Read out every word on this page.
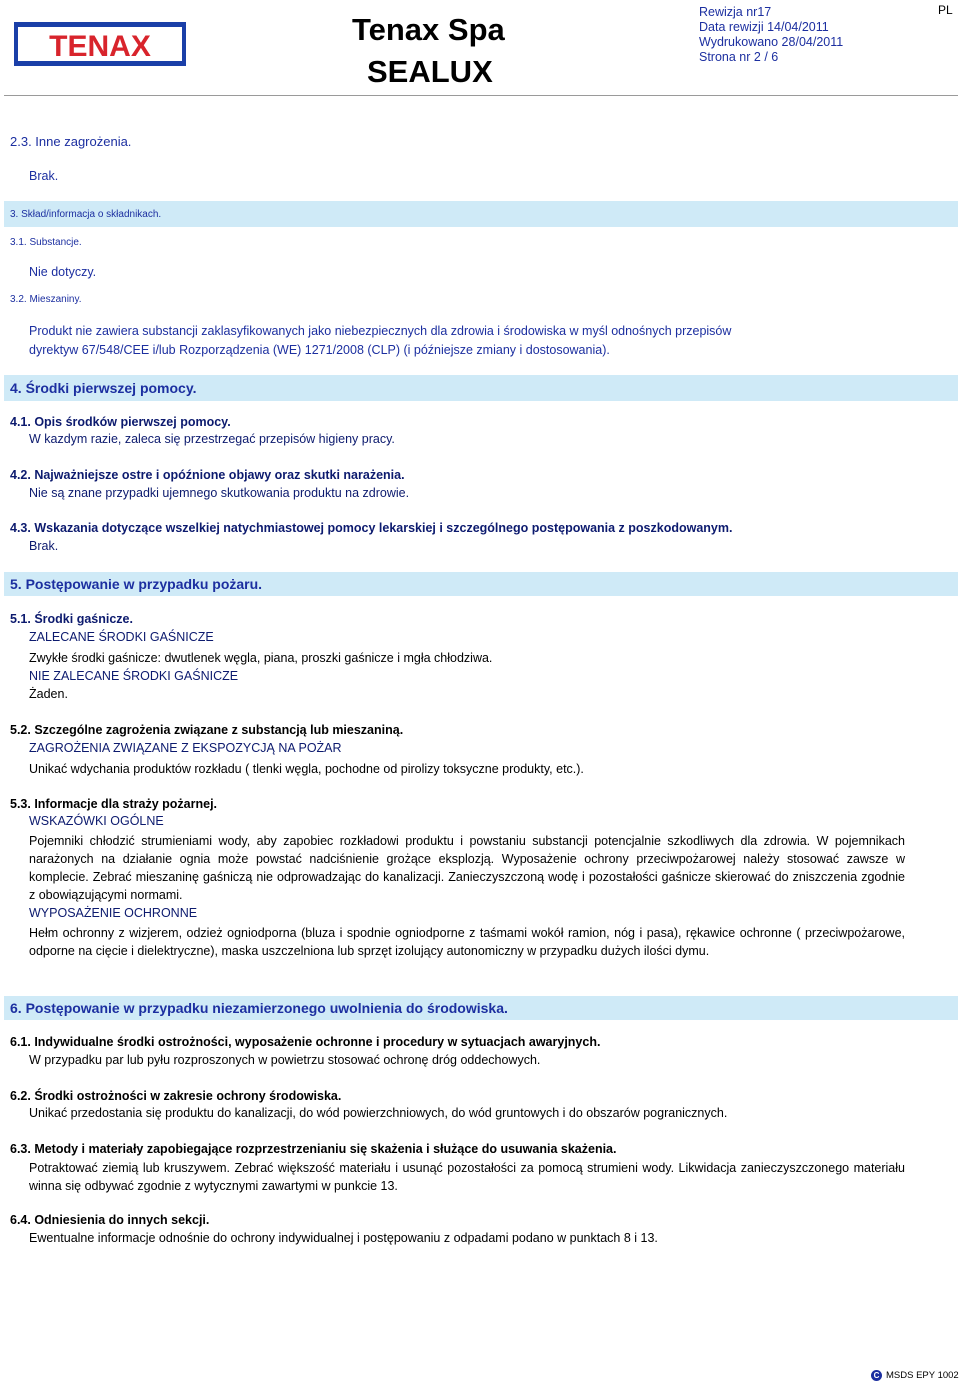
TENAX	Tenax Spa
SEALUX
Rewizja nr17
Data rewizji 14/04/2011
Wydrukowano 28/04/2011
Strona nr 2 / 6
PL
2.3. Inne zagrożenia.
Brak.
3. Skład/informacja o składnikach.
3.1. Substancje.
Nie dotyczy.
3.2. Mieszaniny.
Produkt nie zawiera substancji zaklasyfikowanych jako niebezpiecznych dla zdrowia i środowiska w myśl odnośnych przepisów
dyrektyw 67/548/CEE i/lub Rozporządzenia (WE) 1271/2008 (CLP) (i późniejsze zmiany i dostosowania).
4. Środki pierwszej pomocy.
4.1. Opis środków pierwszej pomocy.
W kazdym razie, zaleca się przestrzegać przepisów higieny pracy.
4.2. Najważniejsze ostre i opóźnione objawy oraz skutki narażenia.
Nie są znane przypadki ujemnego skutkowania produktu na zdrowie.
4.3. Wskazania dotyczące wszelkiej natychmiastowej pomocy lekarskiej i szczególnego postępowania z poszkodowanym.
Brak.
5. Postępowanie w przypadku pożaru.
5.1. Środki gaśnicze.
ZALECANE ŚRODKI GAŚNICZE
Zwykłe środki gaśnicze: dwutlenek węgla, piana, proszki gaśnicze i mgła chłodziwa.
NIE ZALECANE ŚRODKI GAŚNICZE
Żaden.
5.2. Szczególne zagrożenia związane z substancją lub mieszaniną.
ZAGROŻENIA ZWIĄZANE Z EKSPOZYCJĄ NA POŻAR
Unikać wdychania produktów rozkładu ( tlenki węgla, pochodne od pirolizy toksyczne produkty, etc.).
5.3. Informacje dla straży pożarnej.
WSKAZÓWKI OGÓLNE
Pojemniki chłodzić strumieniami wody, aby zapobiec rozkładowi produktu i powstaniu substancji potencjalnie szkodliwych dla zdrowia. W pojemnikach narażonych na działanie ognia może powstać nadciśnienie grożące eksplozją. Wyposażenie ochrony przeciwpożarowej należy stosować zawsze w komplecie. Zebrać mieszaninę gaśniczą nie odprowadzając do kanalizacji. Zanieczyszczoną wodę i pozostałości gaśnicze skierować do zniszczenia zgodnie z obowiązującymi normami.
WYPOSAŻENIE OCHRONNE
Hełm ochronny z wizjerem, odzież ogniodporna (bluza i spodnie ogniodporne z taśmami wokół ramion, nóg i pasa), rękawice ochronne ( przeciwpożarowe, odporne na cięcie i dielektryczne), maska uszczelniona lub sprzęt izolujący autonomiczny w przypadku dużych ilości dymu.
6. Postępowanie w przypadku niezamierzonego uwolnienia do środowiska.
6.1. Indywidualne środki ostrożności, wyposażenie ochronne i procedury w sytuacjach awaryjnych.
W przypadku par lub pyłu rozproszonych w powietrzu stosować ochronę dróg oddechowych.
6.2. Środki ostrożności w zakresie ochrony środowiska.
Unikać przedostania się produktu do kanalizacji, do wód powierzchniowych, do wód gruntowych i do obszarów pogranicznych.
6.3. Metody i materiały zapobiegające rozprzestrzenianiu się skażenia i służące do usuwania skażenia.
Potraktować ziemią lub kruszywem. Zebrać większość materiału i usunąć pozostałości za pomocą strumieni wody. Likwidacja zanieczyszczonego materiału winna się odbywać zgodnie z wytycznymi zawartymi w punkcie 13.
6.4. Odniesienia do innych sekcji.
Ewentualne informacje odnośnie do ochrony indywidualnej i postępowaniu z odpadami podano w punktach 8 i 13.
C MSDS EPY 1002
